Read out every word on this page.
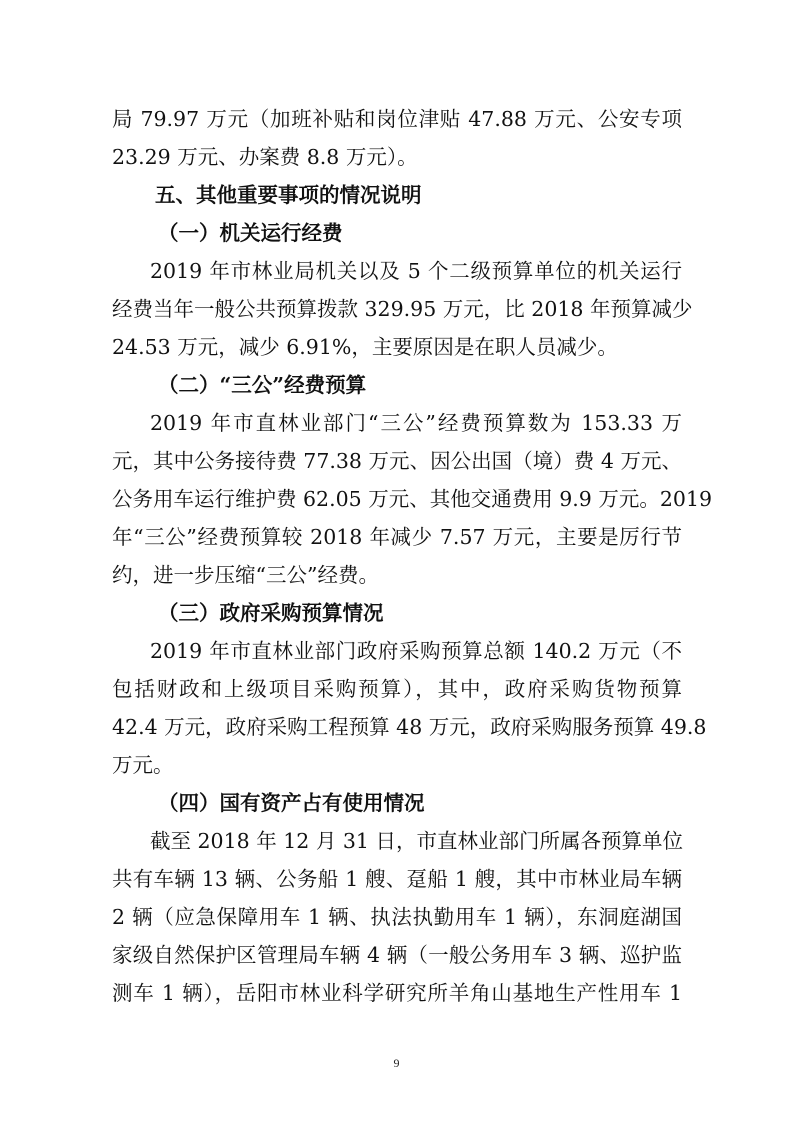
局 79.97 万元（加班补贴和岗位津贴 47.88 万元、公安专项
23.29 万元、办案费 8.8 万元）。
五、其他重要事项的情况说明
（一）机关运行经费
2019 年市林业局机关以及 5 个二级预算单位的机关运行
经费当年一般公共预算拨款 329.95 万元，比 2018 年预算减少
24.53 万元，减少 6.91%，主要原因是在职人员减少。
（二）“三公”经费预算
2019 年市直林业部门“三公”经费预算数为 153.33 万
元，其中公务接待费 77.38 万元、因公出国（境）费 4 万元、
公务用车运行维护费 62.05 万元、其他交通费用 9.9 万元。2019
年“三公”经费预算较 2018 年减少 7.57 万元，主要是厉行节
约，进一步压缩“三公”经费。
（三）政府采购预算情况
2019 年市直林业部门政府采购预算总额 140.2 万元（不
包括财政和上级项目采购预算），其中，政府采购货物预算
42.4 万元，政府采购工程预算 48 万元，政府采购服务预算 49.8
万元。
（四）国有资产占有使用情况
截至 2018 年 12 月 31 日，市直林业部门所属各预算单位
共有车辆 13 辆、公务船 1 艘、趸船 1 艘，其中市林业局车辆
2 辆（应急保障用车 1 辆、执法执勤用车 1 辆），东洞庭湖国
家级自然保护区管理局车辆 4 辆（一般公务用车 3 辆、巡护监
测车 1 辆），岳阳市林业科学研究所羊角山基地生产性用车 1
9
